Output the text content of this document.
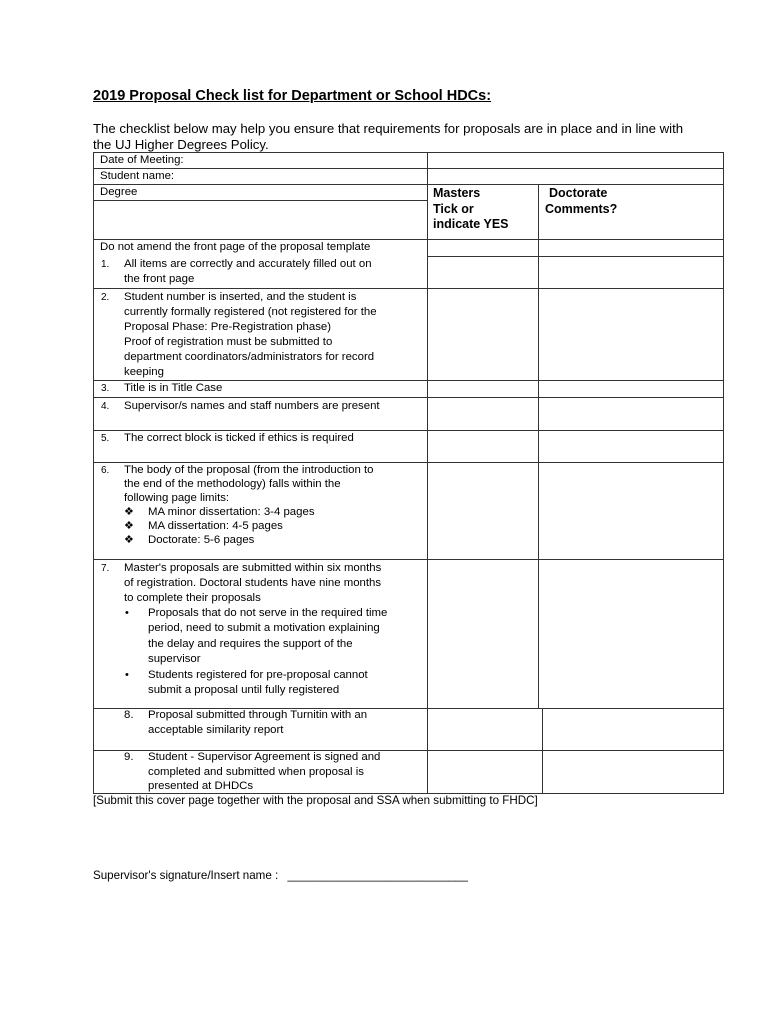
2019 Proposal Check list for Department or School HDCs:
The checklist below may help you ensure that requirements for proposals are in place and in line with the UJ Higher Degrees Policy.
Date of Meeting:
Student name:
Degree	Masters
Tick or
indicate YES
Doctorate
Comments?
Do not amend the front page of the proposal template
1. All items are correctly and accurately filled out on
the front page
2. Student number is inserted, and the student is
currently formally registered (not registered for the
Proposal Phase: Pre-Registration phase)
Proof of registration must be submitted to
department coordinators/administrators for record
keeping
3. Title is in Title Case
4. Supervisor/s names and staff numbers are present
5. The correct block is ticked if ethics is required
6. The body of the proposal (from the introduction to
the end of the methodology) falls within the
following page limits:
❖ MA minor dissertation: 3-4 pages
❖ MA dissertation: 4-5 pages
❖ Doctorate: 5-6 pages
7. Master's proposals are submitted within six months
of registration. Doctoral students have nine months
to complete their proposals
• Proposals that do not serve in the required time
period, need to submit a motivation explaining
the delay and requires the support of the
supervisor
• Students registered for pre-proposal cannot
submit a proposal until fully registered
8. Proposal submitted through Turnitin with an
acceptable similarity report
9. Student - Supervisor Agreement is signed and
completed and submitted when proposal is
presented at DHDCs
[Submit this cover page together with the proposal and SSA when submitting to FHDC]
Supervisor's signature/Insert name : ____________________________
